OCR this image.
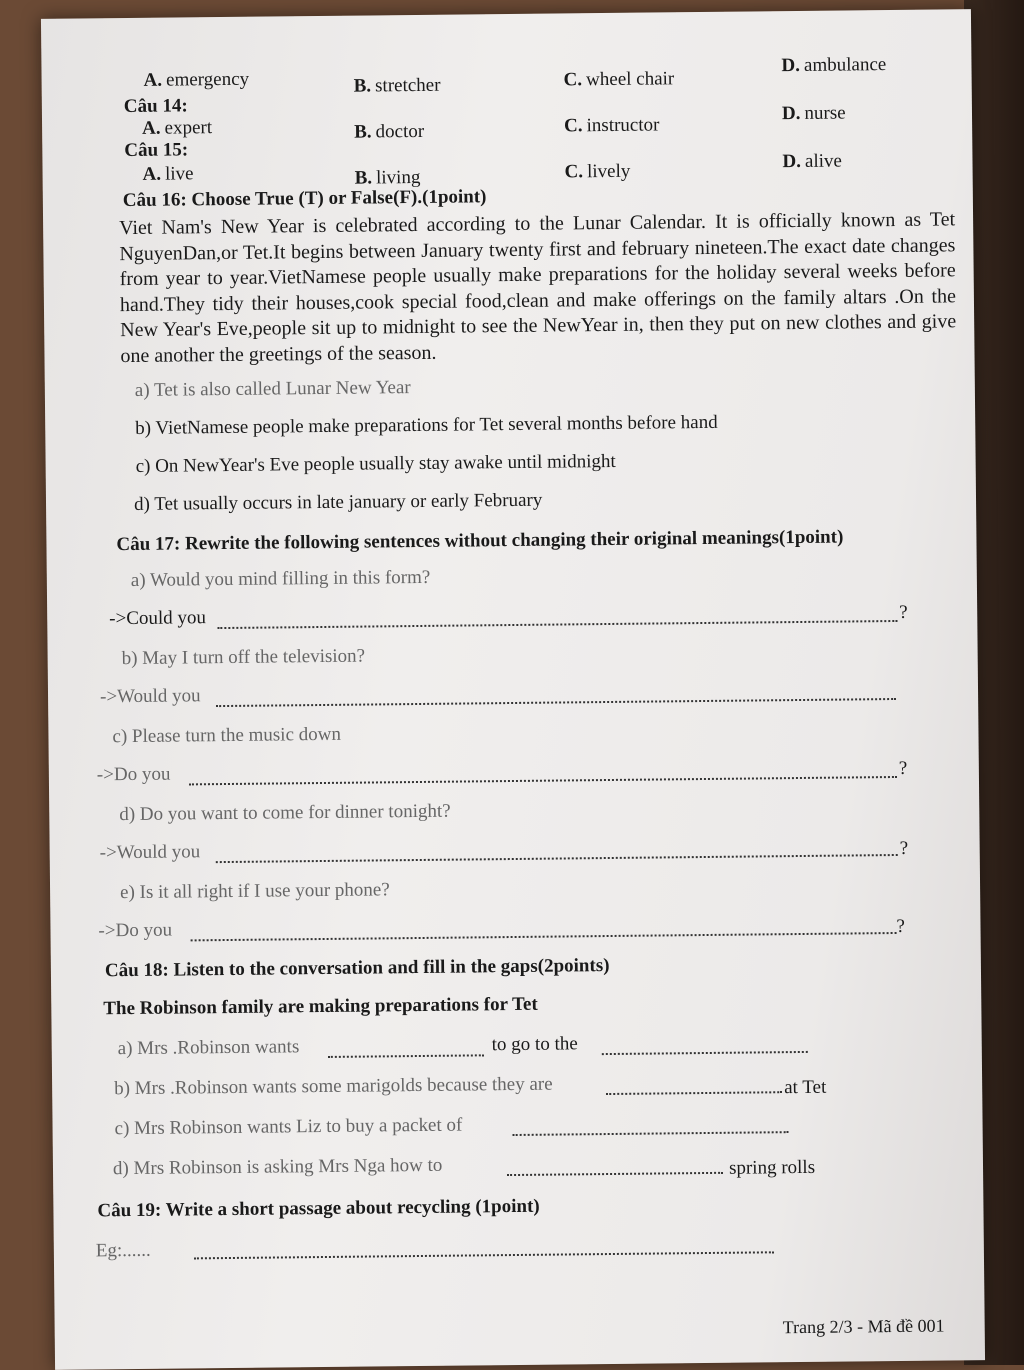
A. emergency	B. stretcher	C. wheel chair
D. ambulance
Câu 14:
A. expert	B. doctor	C. instructor
D. nurse
Câu 15:
A. live	B. living	C. lively	D. alive
Câu 16: Choose True (T) or False(F).(1point)
Viet Nam's New Year is celebrated according to the Lunar Calendar. It is officially known as Tet NguyenDan,or Tet.It begins between January twenty first and february nineteen.The exact date changes from year to year.VietNamese people usually make preparations for the holiday several weeks before hand.They tidy their houses,cook special food,clean and make offerings on the family altars .On the New Year's Eve,people sit up to midnight to see the NewYear in, then they put on new clothes and give one another the greetings of the season.
a) Tet is also called Lunar New Year
b) VietNamese people make preparations for Tet several months before hand
c) On NewYear's Eve people usually stay awake until midnight
d) Tet usually occurs in late january or early February
Câu 17: Rewrite the following sentences without changing their original meanings(1point)
a) Would you mind filling in this form?
->Could you	?
b) May I turn off the television?
->Would you
c) Please turn the music down
->Do you	?
d) Do you want to come for dinner tonight?
->Would you	?
e) Is it all right if I use your phone?
->Do you	?
Câu 18: Listen to the conversation and fill in the gaps(2points)
The Robinson family are making preparations for Tet
a) Mrs .Robinson wants	to go to the
b) Mrs .Robinson wants some marigolds because they are	at Tet
c) Mrs Robinson wants Liz to buy a packet of
d) Mrs Robinson is asking Mrs Nga how to	spring rolls
Câu 19: Write a short passage about recycling (1point)
Eg:......
Trang 2/3 - Mã đề 001
